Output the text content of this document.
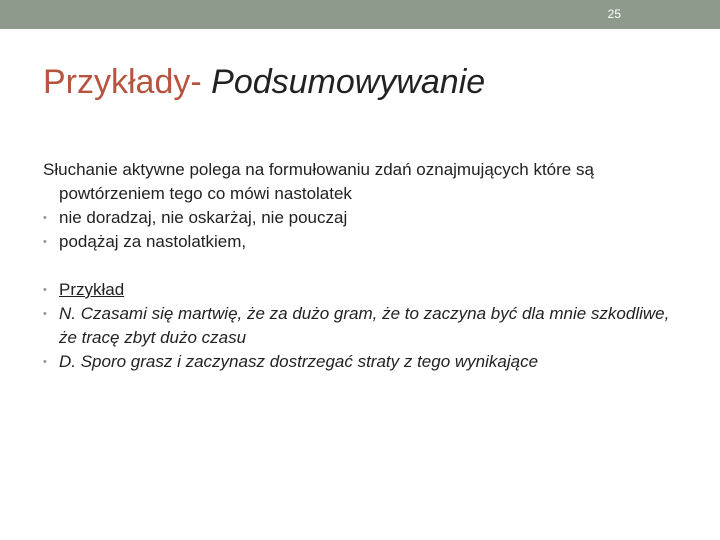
25
Przykłady- Podsumowywanie

Słuchanie aktywne polega na formułowaniu zdań oznajmujących które są powtórzeniem tego co mówi nastolatek

• nie doradzaj, nie oskarżaj, nie pouczaj

• podążaj za nastolatkiem,

• Przykład

• N. Czasami się martwię, że za dużo gram, że to zaczyna być dla mnie szkodliwe, że tracę zbyt dużo czasu

• D. Sporo grasz i zaczynasz dostrzegać straty z tego wynikające
